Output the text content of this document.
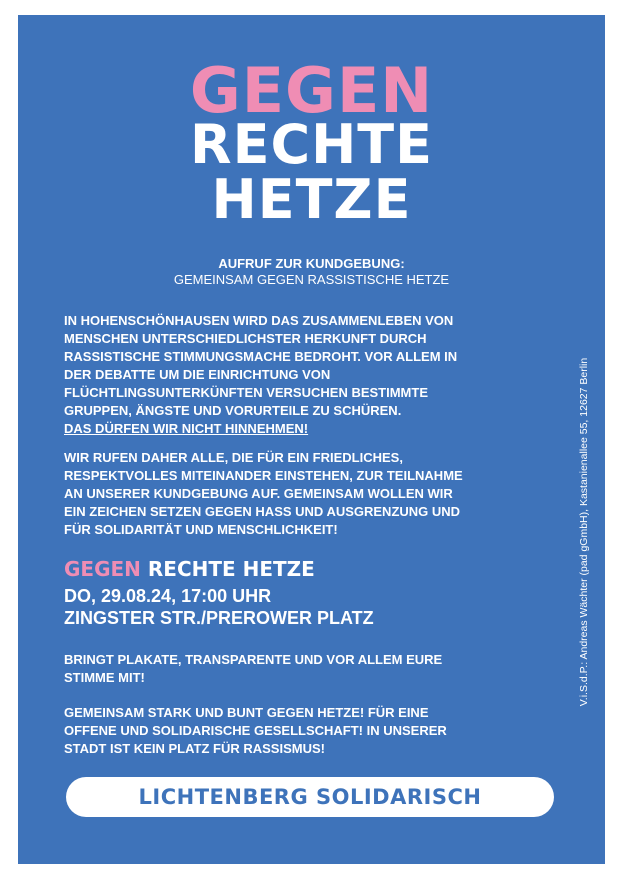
GEGEN
RECHTE
HETZE
AUFRUF ZUR KUNDGEBUNG:
GEMEINSAM GEGEN RASSISTISCHE HETZE
IN HOHENSCHÖNHAUSEN WIRD DAS ZUSAMMENLEBEN VON
MENSCHEN UNTERSCHIEDLICHSTER HERKUNFT DURCH
RASSISTISCHE STIMMUNGSMACHE BEDROHT. VOR ALLEM IN
DER DEBATTE UM DIE EINRICHTUNG VON
FLÜCHTLINGSUNTERKÜNFTEN VERSUCHEN BESTIMMTE
GRUPPEN, ÄNGSTE UND VORURTEILE ZU SCHÜREN.
DAS DÜRFEN WIR NICHT HINNEHMEN!
WIR RUFEN DAHER ALLE, DIE FÜR EIN FRIEDLICHES,
RESPEKTVOLLES MITEINANDER EINSTEHEN, ZUR TEILNAHME
AN UNSERER KUNDGEBUNG AUF. GEMEINSAM WOLLEN WIR
EIN ZEICHEN SETZEN GEGEN HASS UND AUSGRENZUNG UND
FÜR SOLIDARITÄT UND MENSCHLICHKEIT!
GEGEN RECHTE HETZE
DO, 29.08.24, 17:00 UHR
ZINGSTER STR./PREROWER PLATZ
BRINGT PLAKATE, TRANSPARENTE UND VOR ALLEM EURE
STIMME MIT!
GEMEINSAM STARK UND BUNT GEGEN HETZE! FÜR EINE
OFFENE UND SOLIDARISCHE GESELLSCHAFT! IN UNSERER
STADT IST KEIN PLATZ FÜR RASSISMUS!
LICHTENBERG SOLIDARISCH
V.i.S.d.P.: Andreas Wächter (pad gGmbH), Kastanienallee 55, 12627 Berlin
